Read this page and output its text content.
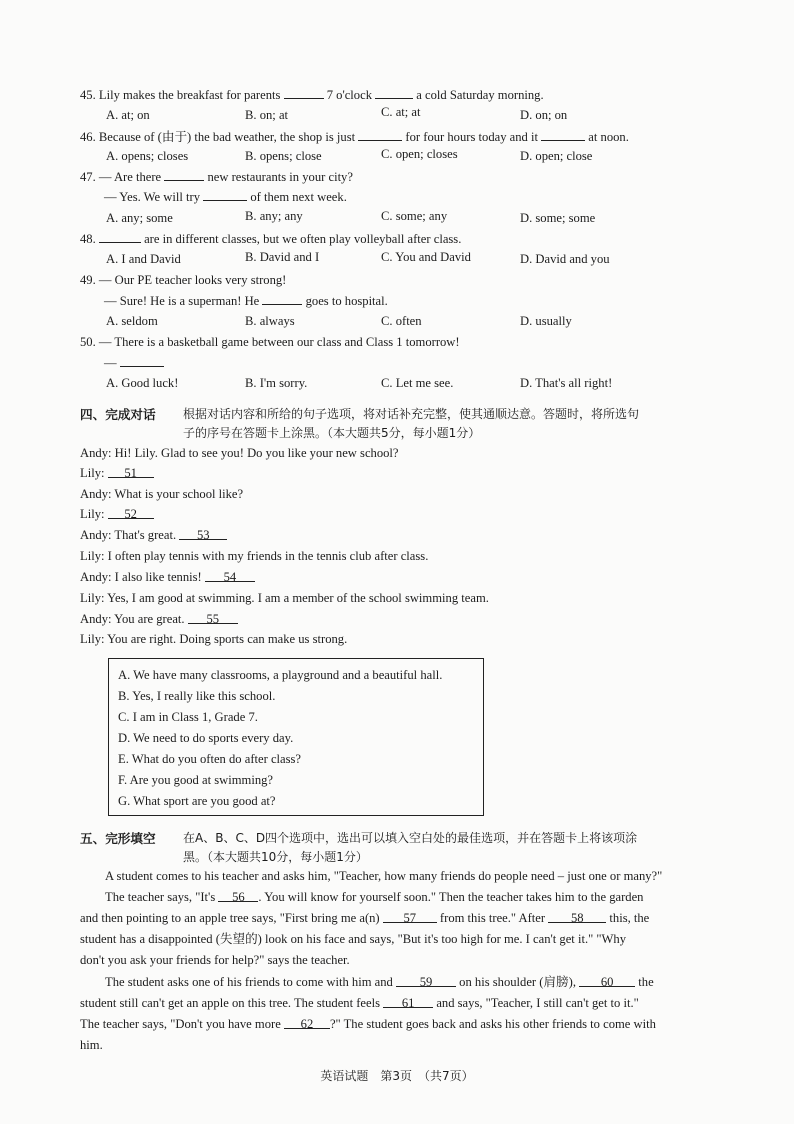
45. Lily makes the breakfast for parents	7 o'clock	a cold Saturday morning.
A. at; on	B. on; at	C. at; at	D. on; on
46. Because of (由于) the bad weather, the shop is just	for four hours today and it	at noon.
A. opens; closes	B. opens; close	C. open; closes	D. open; close
47. — Are there	new restaurants in your city?
— Yes. We will try	of them next week.
A. any; some	B. any; any	C. some; any	D. some; some
48.	are in different classes, but we often play volleyball after class.
A. I and David	B. David and I	C. You and David	D. David and you
49. — Our PE teacher looks very strong!
— Sure! He is a superman! He	goes to hospital.
A. seldom	B. always	C. often	D. usually
50. — There is a basketball game between our class and Class 1 tomorrow!
—
A. Good luck!	B. I'm sorry.	C. Let me see.	D. That's all right!
四、完成对话 根据对话内容和所给的句子选项，将对话补充完整，使其通顺达意。答题时，将所选句
子的序号在答题卡上涂黑。（本大题共5分，每小题1分）
Andy: Hi! Lily. Glad to see you! Do you like your new school?
Lily: 51
Andy: What is your school like?
Lily: 52
Andy: That's great. 53
Lily: I often play tennis with my friends in the tennis club after class.
Andy: I also like tennis! 54
Lily: Yes, I am good at swimming. I am a member of the school swimming team.
Andy: You are great. 55
Lily: You are right. Doing sports can make us strong.
A. We have many classrooms, a playground and a beautiful hall.
B. Yes, I really like this school.
C. I am in Class 1, Grade 7.
D. We need to do sports every day.
E. What do you often do after class?
F. Are you good at swimming?
G. What sport are you good at?
五、完形填空 在A、B、C、D四个选项中，选出可以填入空白处的最佳选项，并在答题卡上将该项涂
黑。（本大题共10分，每小题1分）
A student comes to his teacher and asks him, "Teacher, how many friends do people need – just one or many?"
The teacher says, "It's 56 . You will know for yourself soon." Then the teacher takes him to the garden
and then pointing to an apple tree says, "First bring me a(n) 57 from this tree." After 58 this, the
student has a disappointed (失望的) look on his face and says, "But it's too high for me. I can't get it." "Why
don't you ask your friends for help?" says the teacher.
The student asks one of his friends to come with him and 59 on his shoulder (肩膀), 60 the
student still can't get an apple on this tree. The student feels 61 and says, "Teacher, I still can't get to it."
The teacher says, "Don't you have more 62 ?" The student goes back and asks his other friends to come with
him.
英语试题　第3页　（共7页）
